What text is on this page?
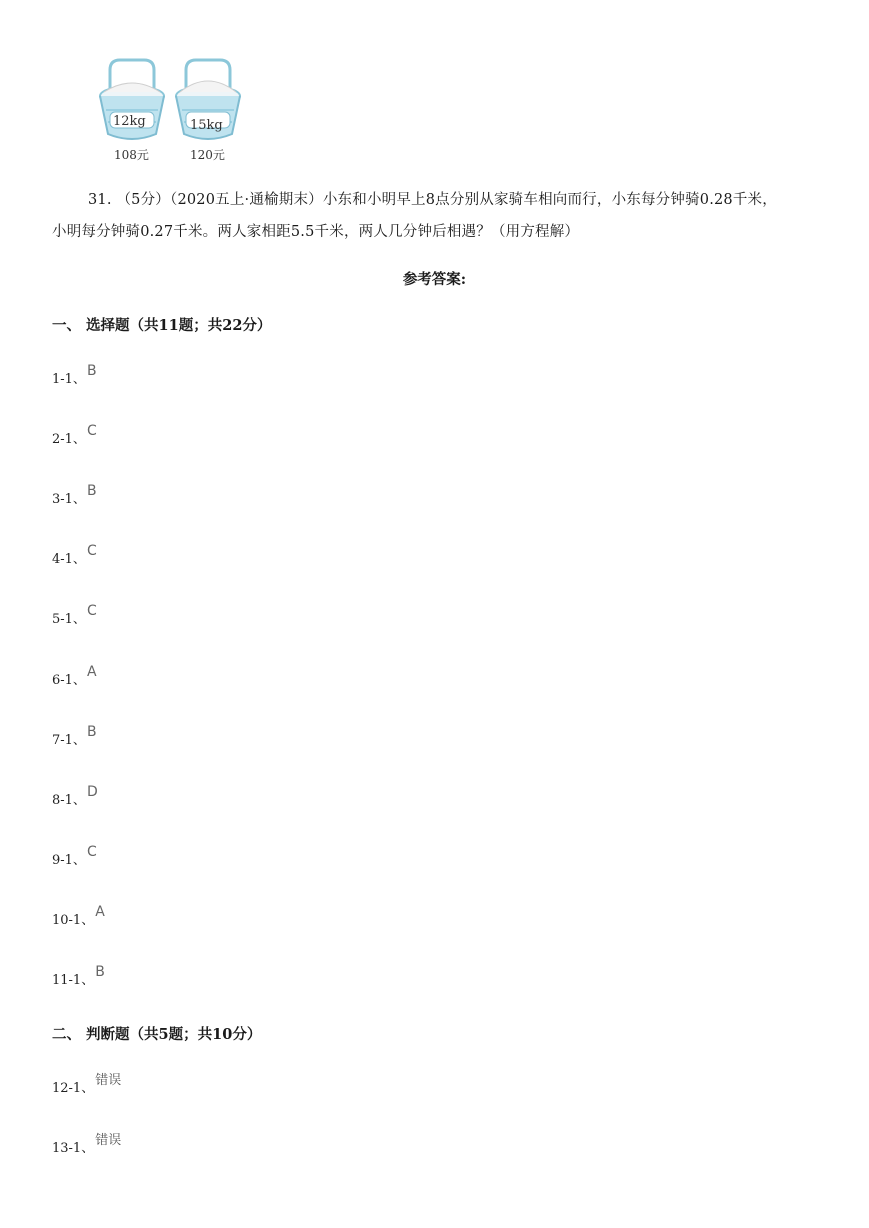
12kg
108元
15kg
120元
31. （5分）（2020五上·通榆期末）小东和小明早上8点分别从家骑车相向而行，小东每分钟骑0.28千米，
小明每分钟骑0.27千米。两人家相距5.5千米，两人几分钟后相遇？（用方程解）
参考答案:
一、 选择题（共11题；共22分）
1-1、B
2-1、C
3-1、B
4-1、C
5-1、C
6-1、A
7-1、B
8-1、D
9-1、C
10-1、A
11-1、B
二、 判断题（共5题；共10分）
12-1、$^{错误}$
13-1、$^{错误}$
